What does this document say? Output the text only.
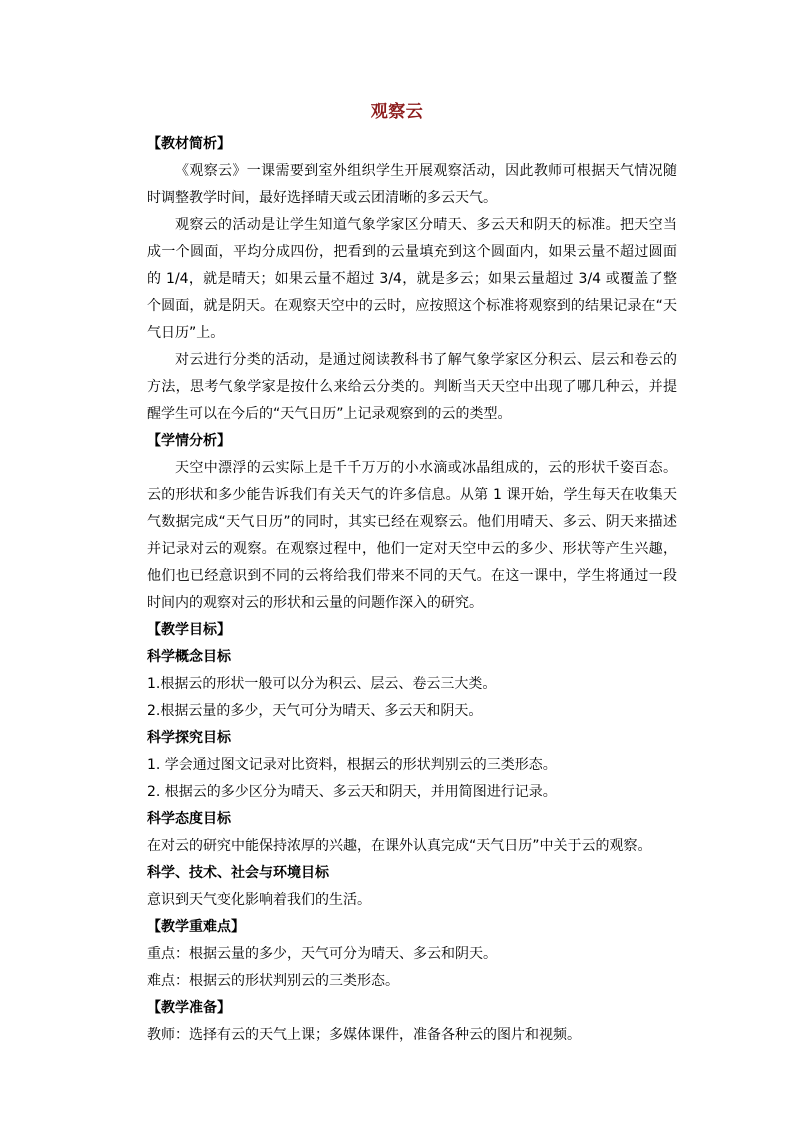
观察云

【教材简析】

《观察云》一课需要到室外组织学生开展观察活动，因此教师可根据天气情况随时调整教学时间，最好选择晴天或云团清晰的多云天气。

观察云的活动是让学生知道气象学家区分晴天、多云天和阴天的标准。把天空当成一个圆面，平均分成四份，把看到的云量填充到这个圆面内，如果云量不超过圆面的 1/4，就是晴天；如果云量不超过 3/4，就是多云；如果云量超过 3/4 或覆盖了整个圆面，就是阴天。在观察天空中的云时，应按照这个标准将观察到的结果记录在“天气日历”上。

对云进行分类的活动，是通过阅读教科书了解气象学家区分积云、层云和卷云的方法，思考气象学家是按什么来给云分类的。判断当天天空中出现了哪几种云，并提醒学生可以在今后的“天气日历”上记录观察到的云的类型。

【学情分析】

天空中漂浮的云实际上是千千万万的小水滴或冰晶组成的，云的形状千姿百态。云的形状和多少能告诉我们有关天气的许多信息。从第 1 课开始，学生每天在收集天气数据完成“天气日历”的同时，其实已经在观察云。他们用晴天、多云、阴天来描述并记录对云的观察。在观察过程中，他们一定对天空中云的多少、形状等产生兴趣，他们也已经意识到不同的云将给我们带来不同的天气。在这一课中，学生将通过一段时间内的观察对云的形状和云量的问题作深入的研究。

【教学目标】

科学概念目标

1.根据云的形状一般可以分为积云、层云、卷云三大类。

2.根据云量的多少，天气可分为晴天、多云天和阴天。

科学探究目标

1. 学会通过图文记录对比资料，根据云的形状判别云的三类形态。

2. 根据云的多少区分为晴天、多云天和阴天，并用简图进行记录。

科学态度目标

在对云的研究中能保持浓厚的兴趣，在课外认真完成“天气日历”中关于云的观察。

科学、技术、社会与环境目标

意识到天气变化影响着我们的生活。

【教学重难点】

重点：根据云量的多少，天气可分为晴天、多云和阴天。

难点：根据云的形状判别云的三类形态。

【教学准备】

教师：选择有云的天气上课；多媒体课件，准备各种云的图片和视频。
